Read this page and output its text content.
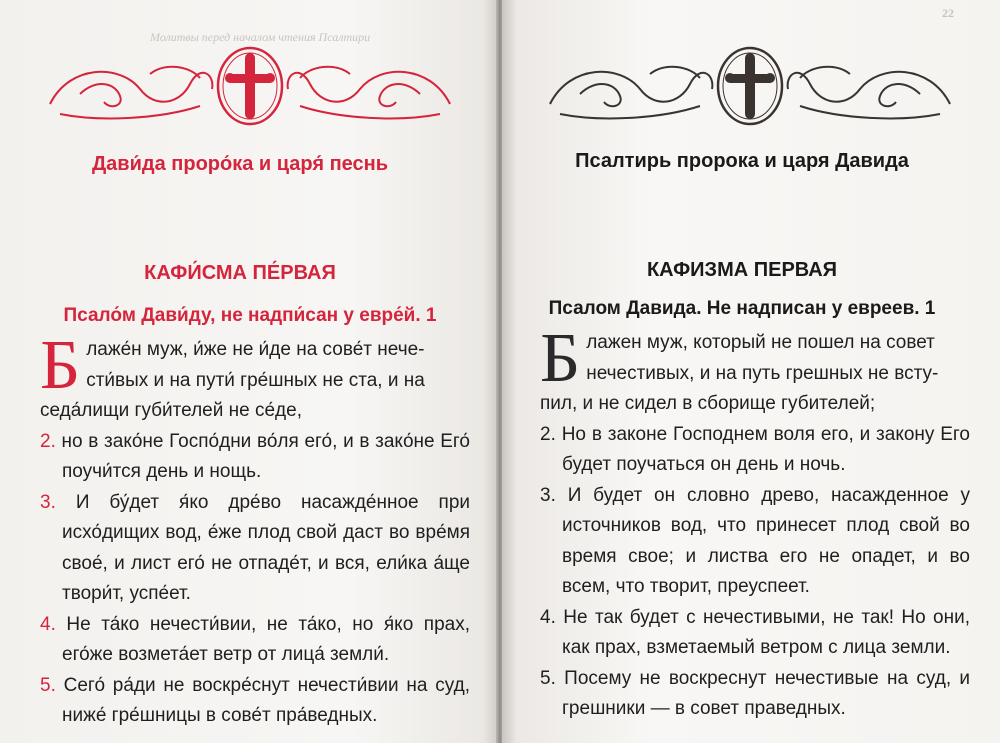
Молитвы перед началом чтения Псалтири
Дави́да проро́ка и царя́ песнь
КАФИ́СМА ПЕ́РВАЯ
Псало́м Дави́ду, не надпи́сан у евре́й. 1

Блаже́н муж, и́же не и́де на сове́т нече-
сти́вых и на пути́ гре́шных не ста, и на
седа́лищи губи́телей не се́де,

2. но в зако́не Госпо́дни во́ля его́, и в зако́не Его́ поучи́тся день и нощь.

3. И бу́дет я́ко дре́во насажде́нное при исхо́дищих вод, е́же плод свой даст во вре́мя свое́, и лист его́ не отпаде́т, и вся, ели́ка а́ще твори́т, успе́ет.

4. Не та́ко нечести́вии, не та́ко, но я́ко прах, его́же возмета́ет ветр от лица́ земли́.

5. Сего́ ра́ди не воскре́снут нечести́вии на суд, ниже́ гре́шницы в сове́т пра́ведных.

22
Псалтирь пророка и царя Давида
КАФИЗМА ПЕРВАЯ
Псалом Давида. Не надписан у евреев. 1

Блажен муж, который не пошел на совет
нечестивых, и на путь грешных не всту-
пил, и не сидел в сборище губителей;

2. Но в законе Господнем воля его, и закону Его будет поучаться он день и ночь.

3. И будет он словно древо, насажденное у источников вод, что принесет плод свой во время свое; и листва его не опадет, и во всем, что творит, преуспеет.

4. Не так будет с нечестивыми, не так! Но они, как прах, взметаемый ветром с лица земли.

5. Посему не воскреснут нечестивые на суд, и грешники — в совет праведных.
